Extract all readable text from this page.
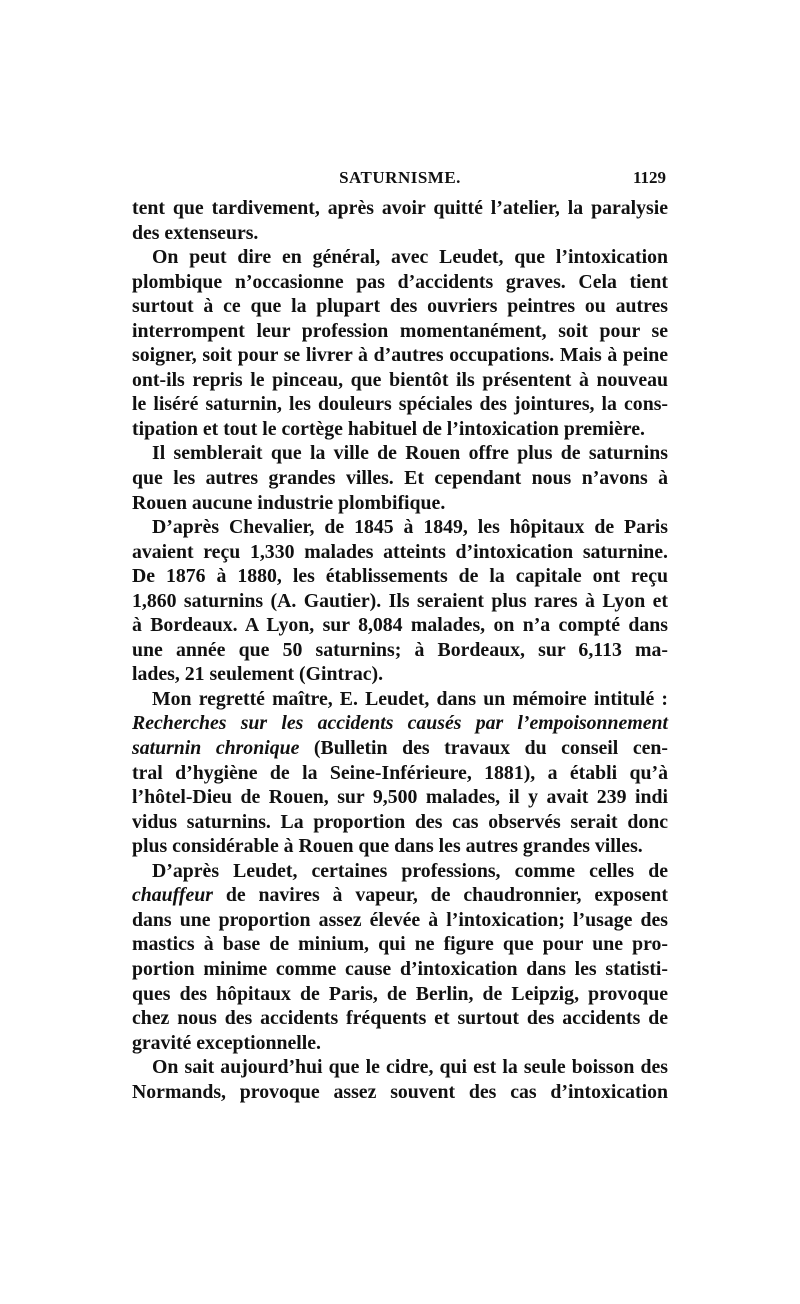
SATURNISME.	1129
tent que tardivement, après avoir quitté l’atelier, la paralysie
des extenseurs.
On peut dire en général, avec Leudet, que l’intoxication
plombique n’occasionne pas d’accidents graves. Cela tient
surtout à ce que la plupart des ouvriers peintres ou autres
interrompent leur profession momentanément, soit pour se
soigner, soit pour se livrer à d’autres occupations. Mais à peine
ont-ils repris le pinceau, que bientôt ils présentent à nouveau
le liséré saturnin, les douleurs spéciales des jointures, la cons-
tipation et tout le cortège habituel de l’intoxication première.
Il semblerait que la ville de Rouen offre plus de saturnins
que les autres grandes villes. Et cependant nous n’avons à
Rouen aucune industrie plombifique.
D’après Chevalier, de 1845 à 1849, les hôpitaux de Paris
avaient reçu 1,330 malades atteints d’intoxication saturnine.
De 1876 à 1880, les établissements de la capitale ont reçu
1,860 saturnins (A. Gautier). Ils seraient plus rares à Lyon et
à Bordeaux. A Lyon, sur 8,084 malades, on n’a compté dans
une année que 50 saturnins; à Bordeaux, sur 6,113 ma-
lades, 21 seulement (Gintrac).
Mon regretté maître, E. Leudet, dans un mémoire intitulé :
Recherches sur les accidents causés par l’empoisonnement
saturnin chronique (Bulletin des travaux du conseil cen-
tral d’hygiène de la Seine-Inférieure, 1881), a établi qu’à
l’hôtel-Dieu de Rouen, sur 9,500 malades, il y avait 239 indi
vidus saturnins. La proportion des cas observés serait donc
plus considérable à Rouen que dans les autres grandes villes.
D’après Leudet, certaines professions, comme celles de
chauffeur de navires à vapeur, de chaudronnier, exposent
dans une proportion assez élevée à l’intoxication; l’usage des
mastics à base de minium, qui ne figure que pour une pro-
portion minime comme cause d’intoxication dans les statisti-
ques des hôpitaux de Paris, de Berlin, de Leipzig, provoque
chez nous des accidents fréquents et surtout des accidents de
gravité exceptionnelle.
On sait aujourd’hui que le cidre, qui est la seule boisson des
Normands, provoque assez souvent des cas d’intoxication
